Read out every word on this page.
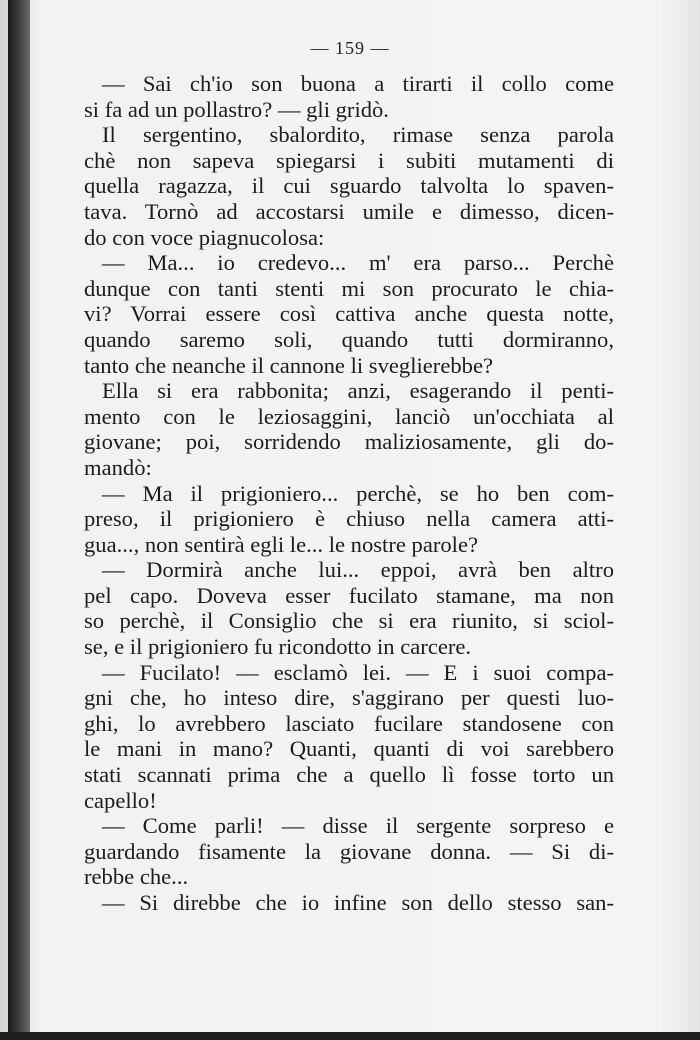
— 159 —
— Sai ch'io son buona a tirarti il collo come
si fa ad un pollastro? — gli gridò.
Il sergentino, sbalordito, rimase senza parola
chè non sapeva spiegarsi i subiti mutamenti di
quella ragazza, il cui sguardo talvolta lo spaven-
tava. Tornò ad accostarsi umile e dimesso, dicen-
do con voce piagnucolosa:
— Ma... io credevo... m' era parso... Perchè
dunque con tanti stenti mi son procurato le chia-
vi? Vorrai essere così cattiva anche questa notte,
quando saremo soli, quando tutti dormiranno,
tanto che neanche il cannone li sveglierebbe?
Ella si era rabbonita; anzi, esagerando il penti-
mento con le leziosaggini, lanciò un'occhiata al
giovane; poi, sorridendo maliziosamente, gli do-
mandò:
— Ma il prigioniero... perchè, se ho ben com-
preso, il prigioniero è chiuso nella camera atti-
gua..., non sentirà egli le... le nostre parole?
— Dormirà anche lui... eppoi, avrà ben altro
pel capo. Doveva esser fucilato stamane, ma non
so perchè, il Consiglio che si era riunito, si sciol-
se, e il prigioniero fu ricondotto in carcere.
— Fucilato! — esclamò lei. — E i suoi compa-
gni che, ho inteso dire, s'aggirano per questi luo-
ghi, lo avrebbero lasciato fucilare standosene con
le mani in mano? Quanti, quanti di voi sarebbero
stati scannati prima che a quello lì fosse torto un
capello!
— Come parli! — disse il sergente sorpreso e
guardando fisamente la giovane donna. — Si di-
rebbe che...
— Si direbbe che io infine son dello stesso san-
